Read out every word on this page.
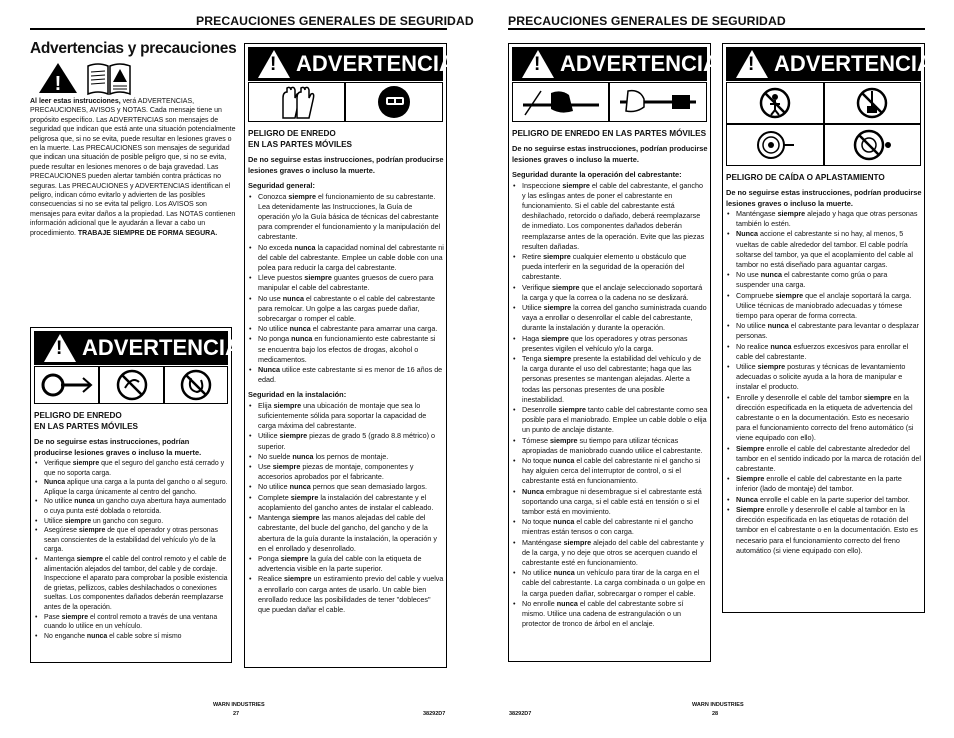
PRECAUCIONES GENERALES DE SEGURIDAD	PRECAUCIONES GENERALES DE SEGURIDAD
Advertencias y precauciones
!
Al leer estas instrucciones, verá ADVERTENCIAS, PRECAUCIONES, AVISOS y NOTAS. Cada mensaje tiene un propósito específico. Las ADVERTENCIAS son mensajes de seguridad que indican que está ante una situación potencialmente peligrosa que, si no se evita, puede resultar en lesiones graves o en la muerte. Las PRECAUCIONES son mensajes de seguridad que indican una situación de posible peligro que, si no se evita, puede resultar en lesiones menores o de baja gravedad. Las PRECAUCIONES pueden alertar también contra prácticas no seguras. Las PRECAUCIONES y ADVERTENCIAS identifican el peligro, indican cómo evitarlo y advierten de las posibles consecuencias si no se evita tal peligro. Los AVISOS son mensajes para evitar daños a la propiedad. Las NOTAS contienen información adicional que le ayudarán a llevar a cabo un procedimiento. TRABAJE SIEMPRE DE FORMA SEGURA.
!
ADVERTENCIA
PELIGRO DE ENREDO
EN LAS PARTES MÓVILES
De no seguirse estas instrucciones, podrían producirse lesiones graves o incluso la muerte.
• Verifique siempre que el seguro del gancho está cerrado y que no soporta carga.
• Nunca aplique una carga a la punta del gancho o al seguro. Aplique la carga únicamente al centro del gancho.
• No utilice nunca un gancho cuya abertura haya aumentado o cuya punta esté doblada o retorcida.
• Utilice siempre un gancho con seguro.
• Asegúrese siempre de que el operador y otras personas sean conscientes de la estabilidad del vehículo y/o de la carga.
• Mantenga siempre el cable del control remoto y el cable de alimentación alejados del tambor, del cable y de cordaje. Inspeccione el aparato para comprobar la posible existencia de grietas, pellizcos, cables deshilachados o conexiones sueltas. Los componentes dañados deberán reemplazarse antes de la operación.
• Pase siempre el control remoto a través de una ventana cuando lo utilice en un vehículo.
• No enganche nunca el cable sobre sí mismo
!
ADVERTENCIA
PELIGRO DE ENREDO
EN LAS PARTES MÓVILES
De no seguirse estas instrucciones, podrían producirse lesiones graves o incluso la muerte.
Seguridad general:
• Conozca siempre el funcionamiento de su cabrestante. Lea detenidamente las Instrucciones, la Guía de operación y/o la Guía básica de técnicas del cabrestante para comprender el funcionamiento y la manipulación del cabrestante.
• No exceda nunca la capacidad nominal del cabrestante ni del cable del cabrestante. Emplee un cable doble con una polea para reducir la carga del cabrestante.
• Lleve puestos siempre guantes gruesos de cuero para manipular el cable del cabrestante.
• No use nunca el cabrestante o el cable del cabrestante para remolcar. Un golpe a las cargas puede dañar, sobrecargar o romper el cable.
• No utilice nunca el cabrestante para amarrar una carga.
• No ponga nunca en funcionamiento este cabrestante si se encuentra bajo los efectos de drogas, alcohol o medicamentos.
• Nunca utilice este cabrestante si es menor de 16 años de edad.
Seguridad en la instalación:
• Elija siempre una ubicación de montaje que sea lo suficientemente sólida para soportar la capacidad de carga máxima del cabrestante.
• Utilice siempre piezas de grado 5 (grado 8.8 métrico) o superior.
• No suelde nunca los pernos de montaje.
• Use siempre piezas de montaje, componentes y accesorios aprobados por el fabricante.
• No utilice nunca pernos que sean demasiado largos.
• Complete siempre la instalación del cabrestante y el acoplamiento del gancho antes de instalar el cableado.
• Mantenga siempre las manos alejadas del cable del cabrestante, del bucle del gancho, del gancho y de la abertura de la guía durante la instalación, la operación y en el enrollado y desenrollado.
• Ponga siempre la guía del cable con la etiqueta de advertencia visible en la parte superior.
• Realice siempre un estiramiento previo del cable y vuelva a enrollarlo con carga antes de usarlo. Un cable bien enrollado reduce las posibilidades de tener "dobleces" que puedan dañar el cable.
!
ADVERTENCIA
PELIGRO DE ENREDO EN LAS PARTES MÓVILES
De no seguirse estas instrucciones, podrían producirse lesiones graves o incluso la muerte.
Seguridad durante la operación del cabrestante:
• Inspeccione siempre el cable del cabrestante, el gancho y las eslingas antes de poner el cabrestante en funcionamiento. Si el cable del cabrestante está deshilachado, retorcido o dañado, deberá reemplazarse de inmediato. Los componentes dañados deberán reemplazarse antes de la operación. Evite que las piezas resulten dañadas.
• Retire siempre cualquier elemento u obstáculo que pueda interferir en la seguridad de la operación del cabrestante.
• Verifique siempre que el anclaje seleccionado soportará la carga y que la correa o la cadena no se deslizará.
• Utilice siempre la correa del gancho suministrada cuando vaya a enrollar o desenrollar el cable del cabrestante, durante la instalación y durante la operación.
• Haga siempre que los operadores y otras personas presentes vigilen el vehículo y/o la carga.
• Tenga siempre presente la estabilidad del vehículo y de la carga durante el uso del cabrestante; haga que las personas presentes se mantengan alejadas. Alerte a todas las personas presentes de una posible inestabilidad.
• Desenrolle siempre tanto cable del cabrestante como sea posible para el maniobrado. Emplee un cable doble o elija un punto de anclaje distante.
• Tómese siempre su tiempo para utilizar técnicas apropiadas de maniobrado cuando utilice el cabrestante.
• No toque nunca el cable del cabrestante ni el gancho si hay alguien cerca del interruptor de control, o si el cabrestante está en funcionamiento.
• Nunca embrague ni desembrague si el cabrestante está soportando una carga, si el cable está en tensión o si el tambor está en movimiento.
• No toque nunca el cable del cabrestante ni el gancho mientras están tensos o con carga.
• Manténgase siempre alejado del cable del cabrestante y de la carga, y no deje que otros se acerquen cuando el cabrestante esté en funcionamiento.
• No utilice nunca un vehículo para tirar de la carga en el cable del cabrestante. La carga combinada o un golpe en la carga pueden dañar, sobrecargar o romper el cable.
• No enrolle nunca el cable del cabrestante sobre sí mismo. Utilice una cadena de estrangulación o un protector de tronco de árbol en el anclaje.
!
ADVERTENCIA
PELIGRO DE CAÍDA O APLASTAMIENTO
De no seguirse estas instrucciones, podrían producirse lesiones graves o incluso la muerte.
• Manténgase siempre alejado y haga que otras personas también lo estén.
• Nunca accione el cabrestante si no hay, al menos, 5 vueltas de cable alrededor del tambor. El cable podría soltarse del tambor, ya que el acoplamiento del cable al tambor no está diseñado para aguantar cargas.
• No use nunca el cabrestante como grúa o para suspender una carga.
• Compruebe siempre que el anclaje soportará la carga. Utilice técnicas de maniobrado adecuadas y tómese tiempo para operar de forma correcta.
• No utilice nunca el cabrestante para levantar o desplazar personas.
• No realice nunca esfuerzos excesivos para enrollar el cable del cabrestante.
• Utilice siempre posturas y técnicas de levantamiento adecuadas o solicite ayuda a la hora de manipular e instalar el producto.
• Enrolle y desenrolle el cable del tambor siempre en la dirección especificada en la etiqueta de advertencia del cabrestante o en la documentación. Esto es necesario para el funcionamiento correcto del freno automático (si viene equipado con ello).
• Siempre enrolle el cable del cabrestante alrededor del tambor en el sentido indicado por la marca de rotación del cabrestante.
• Siempre enrolle el cable del cabrestante en la parte inferior (lado de montaje) del tambor.
• Nunca enrolle el cable en la parte superior del tambor.
• Siempre enrolle y desenrolle el cable al tambor en la dirección especificada en las etiquetas de rotación del tambor en el cabrestante o en la documentación. Esto es necesario para el funcionamiento correcto del freno automático (si viene equipado con ello).
WARN INDUSTRIES
27	38292D7	38292D7
WARN INDUSTRIES
28
